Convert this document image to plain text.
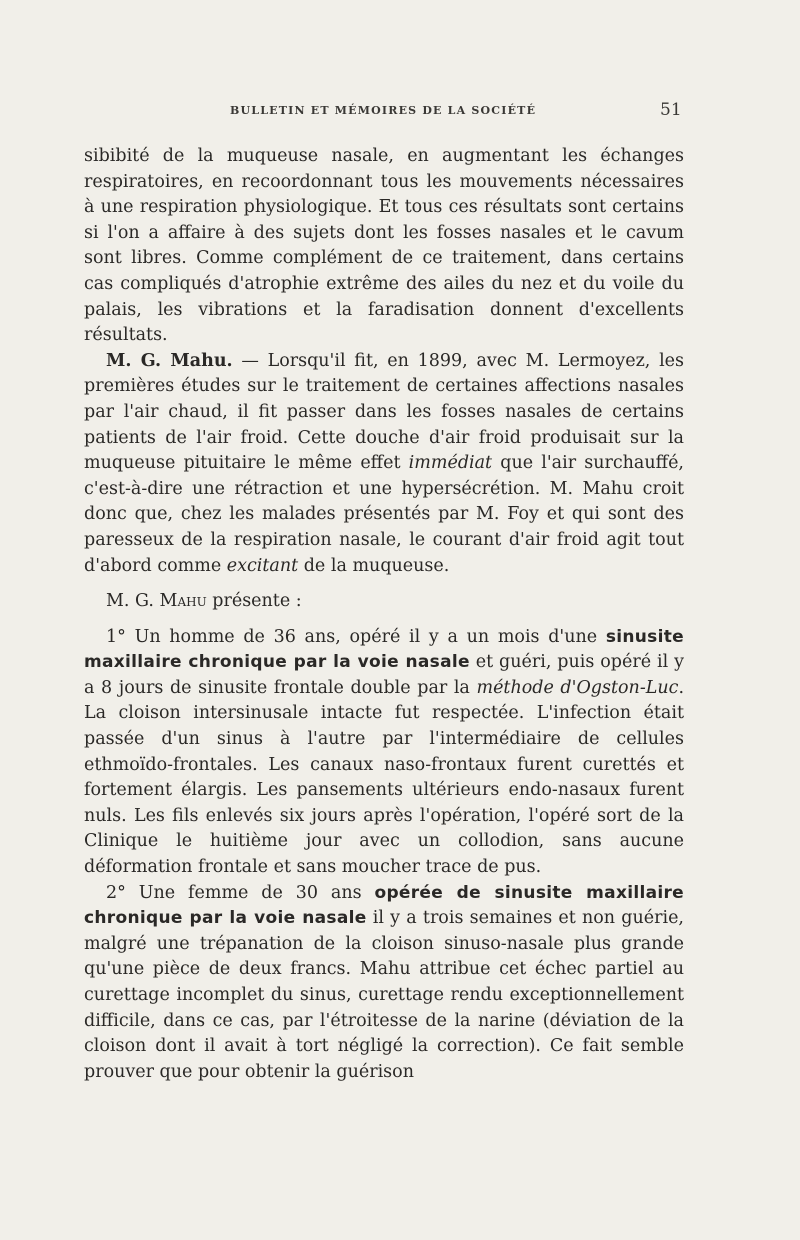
BULLETIN ET MÉMOIRES DE LA SOCIÉTÉ	51

sibibité de la muqueuse nasale, en augmentant les échanges respiratoires, en recoordonnant tous les mouvements nécessaires à une respiration physiologique. Et tous ces résultats sont certains si l'on a affaire à des sujets dont les fosses nasales et le cavum sont libres. Comme complément de ce traitement, dans certains cas compliqués d'atrophie extrême des ailes du nez et du voile du palais, les vibrations et la faradisation donnent d'excellents résultats.

M. G. Mahu. — Lorsqu'il fit, en 1899, avec M. Lermoyez, les premières études sur le traitement de certaines affections nasales par l'air chaud, il fit passer dans les fosses nasales de certains patients de l'air froid. Cette douche d'air froid produisait sur la muqueuse pituitaire le même effet immédiat que l'air surchauffé, c'est-à-dire une rétraction et une hypersécrétion. M. Mahu croit donc que, chez les malades présentés par M. Foy et qui sont des paresseux de la respiration nasale, le courant d'air froid agit tout d'abord comme excitant de la muqueuse.

M. G. Mahu présente :

1° Un homme de 36 ans, opéré il y a un mois d'une sinusite maxillaire chronique par la voie nasale et guéri, puis opéré il y a 8 jours de sinusite frontale double par la méthode d'Ogston-Luc. La cloison intersinusale intacte fut respectée. L'infection était passée d'un sinus à l'autre par l'intermédiaire de cellules ethmoïdo-frontales. Les canaux naso-frontaux furent curettés et fortement élargis. Les pansements ultérieurs endo-nasaux furent nuls. Les fils enlevés six jours après l'opération, l'opéré sort de la Clinique le huitième jour avec un collodion, sans aucune déformation frontale et sans moucher trace de pus.

2° Une femme de 30 ans opérée de sinusite maxillaire chronique par la voie nasale il y a trois semaines et non guérie, malgré une trépanation de la cloison sinuso-nasale plus grande qu'une pièce de deux francs. Mahu attribue cet échec partiel au curettage incomplet du sinus, curettage rendu exceptionnellement difficile, dans ce cas, par l'étroitesse de la narine (déviation de la cloison dont il avait à tort négligé la correction). Ce fait semble prouver que pour obtenir la guérison
